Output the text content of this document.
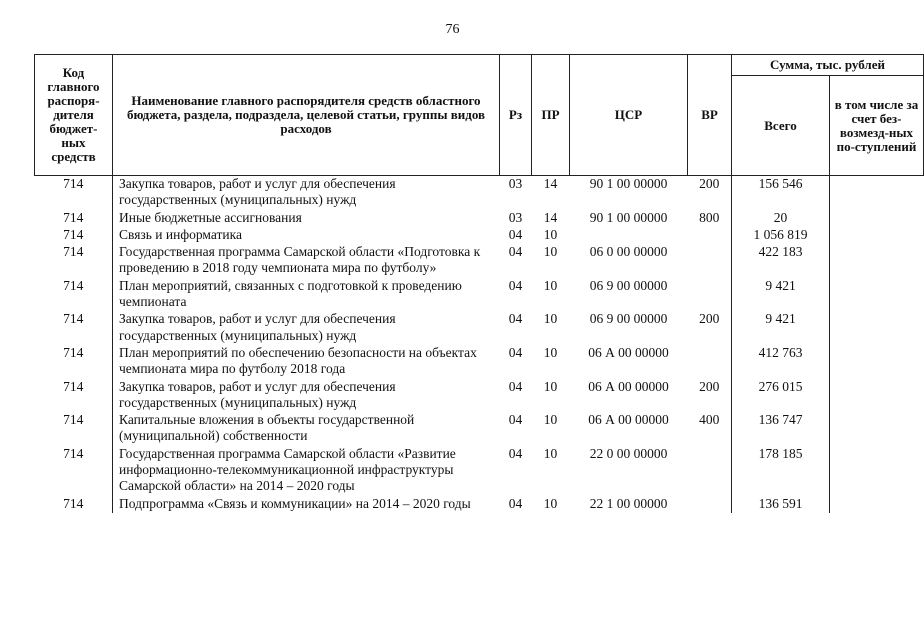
76
Код главного распоря-дителя бюджет-ных средств	Наименование главного распорядителя средств областного бюджета, раздела, подраздела, целевой статьи, группы видов расходов	Рз	ПР	ЦСР	ВР	Сумма, тыс. рублей	
						Всего	в том числе за счет без-возмезд-ных по-ступлений
714	Закупка товаров, работ и услуг для обеспечения государственных (муниципальных) нужд	03	14	90 1 00 00000	200	156 546	
714	Иные бюджетные ассигнования	03	14	90 1 00 00000	800	20	
714	Связь и информатика	04	10			1 056 819	
714	Государственная программа Самарской области «Подготовка к проведению в 2018 году чемпионата мира по футболу»	04	10	06 0 00 00000		422 183	
714	План мероприятий, связанных с подготовкой к проведению чемпионата	04	10	06 9 00 00000		9 421	
714	Закупка товаров, работ и услуг для обеспечения государственных (муниципальных) нужд	04	10	06 9 00 00000	200	9 421	
714	План мероприятий по обеспечению безопасности на объектах чемпионата мира по футболу 2018 года	04	10	06 А 00 00000		412 763	
714	Закупка товаров, работ и услуг для обеспечения государственных (муниципальных) нужд	04	10	06 А 00 00000	200	276 015	
714	Капитальные вложения в объекты государственной (муниципальной) собственности	04	10	06 А 00 00000	400	136 747	
714	Государственная программа Самарской области «Развитие информационно-телекоммуникационной инфраструктуры Самарской области» на 2014 – 2020 годы	04	10	22 0 00 00000		178 185	
714	Подпрограмма «Связь и коммуникации» на 2014 – 2020 годы	04	10	22 1 00 00000		136 591	
